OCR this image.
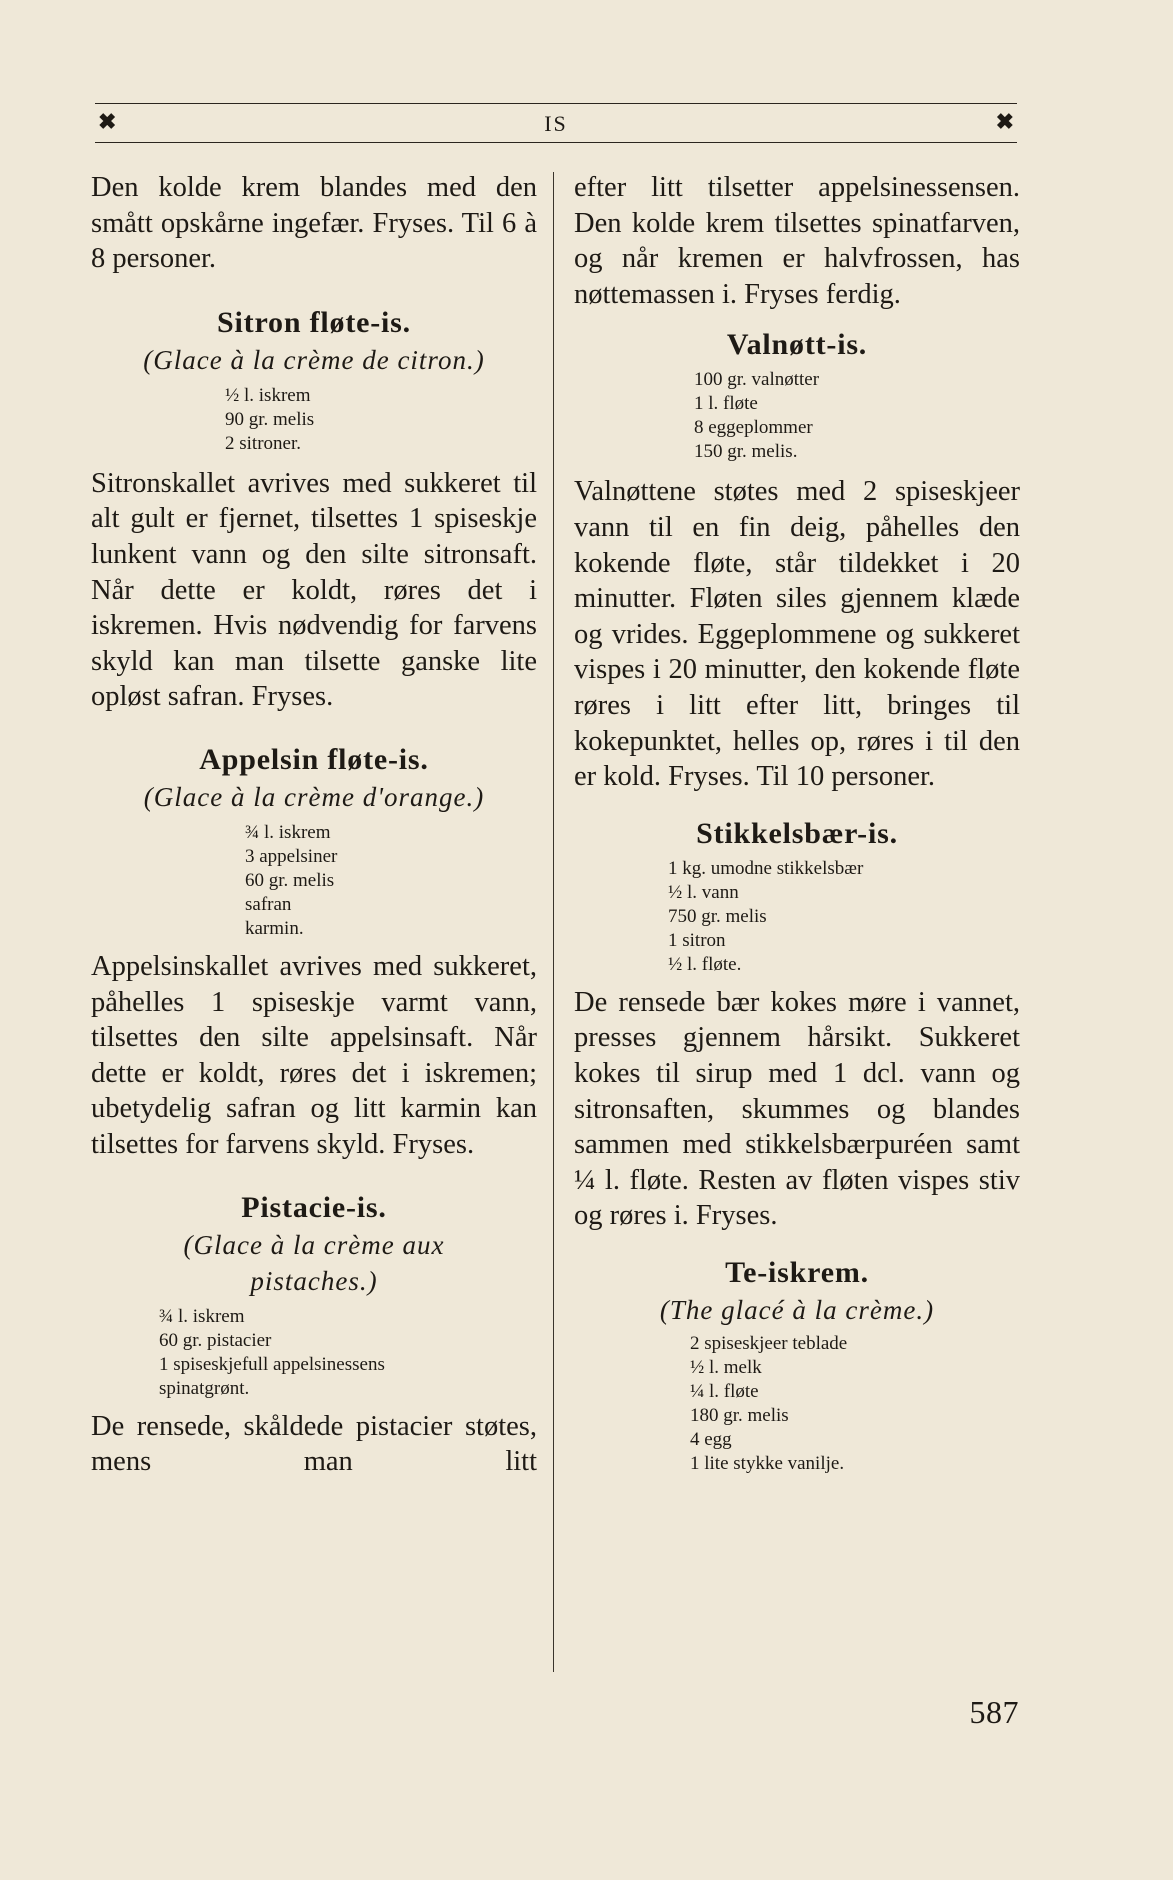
✖	IS	✖

Den kolde krem blandes med den smått opskårne ingefær. Fryses. Til 6 à 8 personer.

Sitron fløte-is.

(Glace à la crème de citron.)

½ l. iskrem
90 gr. melis
2 sitroner.

Sitronskallet avrives med sukkeret til alt gult er fjernet, tilsettes 1 spiseskje lunkent vann og den silte sitronsaft. Når dette er koldt, røres det i iskremen. Hvis nødvendig for farvens skyld kan man tilsette ganske lite opløst safran. Fryses.

Appelsin fløte-is.

(Glace à la crème d'orange.)

¾ l. iskrem
3 appelsiner
60 gr. melis
safran
karmin.

Appelsinskallet avrives med sukkeret, påhelles 1 spiseskje varmt vann, tilsettes den silte appelsinsaft. Når dette er koldt, røres det i iskremen; ubetydelig safran og litt karmin kan tilsettes for farvens skyld. Fryses.

Pistacie-is.

(Glace à la crème aux pistaches.)

¾ l. iskrem
60 gr. pistacier
1 spiseskjefull appelsinessens
spinatgrønt.

De rensede, skåldede pistacier støtes, mens man litt

efter litt tilsetter appelsinessensen. Den kolde krem tilsettes spinatfarven, og når kremen er halvfrossen, has nøttemassen i. Fryses ferdig.

Valnøtt-is.
100 gr. valnøtter
1 l. fløte
8 eggeplommer
150 gr. melis.

Valnøttene støtes med 2 spiseskjeer vann til en fin deig, påhelles den kokende fløte, står tildekket i 20 minutter. Fløten siles gjennem klæde og vrides. Eggeplommene og sukkeret vispes i 20 minutter, den kokende fløte røres i litt efter litt, bringes til kokepunktet, helles op, røres i til den er kold. Fryses. Til 10 personer.

Stikkelsbær-is.
1 kg. umodne stikkelsbær
½ l. vann
750 gr. melis
1 sitron
½ l. fløte.

De rensede bær kokes møre i vannet, presses gjennem hårsikt. Sukkeret kokes til sirup med 1 dcl. vann og sitronsaften, skummes og blandes sammen med stikkelsbærpuréen samt ¼ l. fløte. Resten av fløten vispes stiv og røres i. Fryses.

Te-iskrem.

(The glacé à la crème.)

2 spiseskjeer teblade
½ l. melk
¼ l. fløte
180 gr. melis
4 egg
1 lite stykke vanilje.
587
